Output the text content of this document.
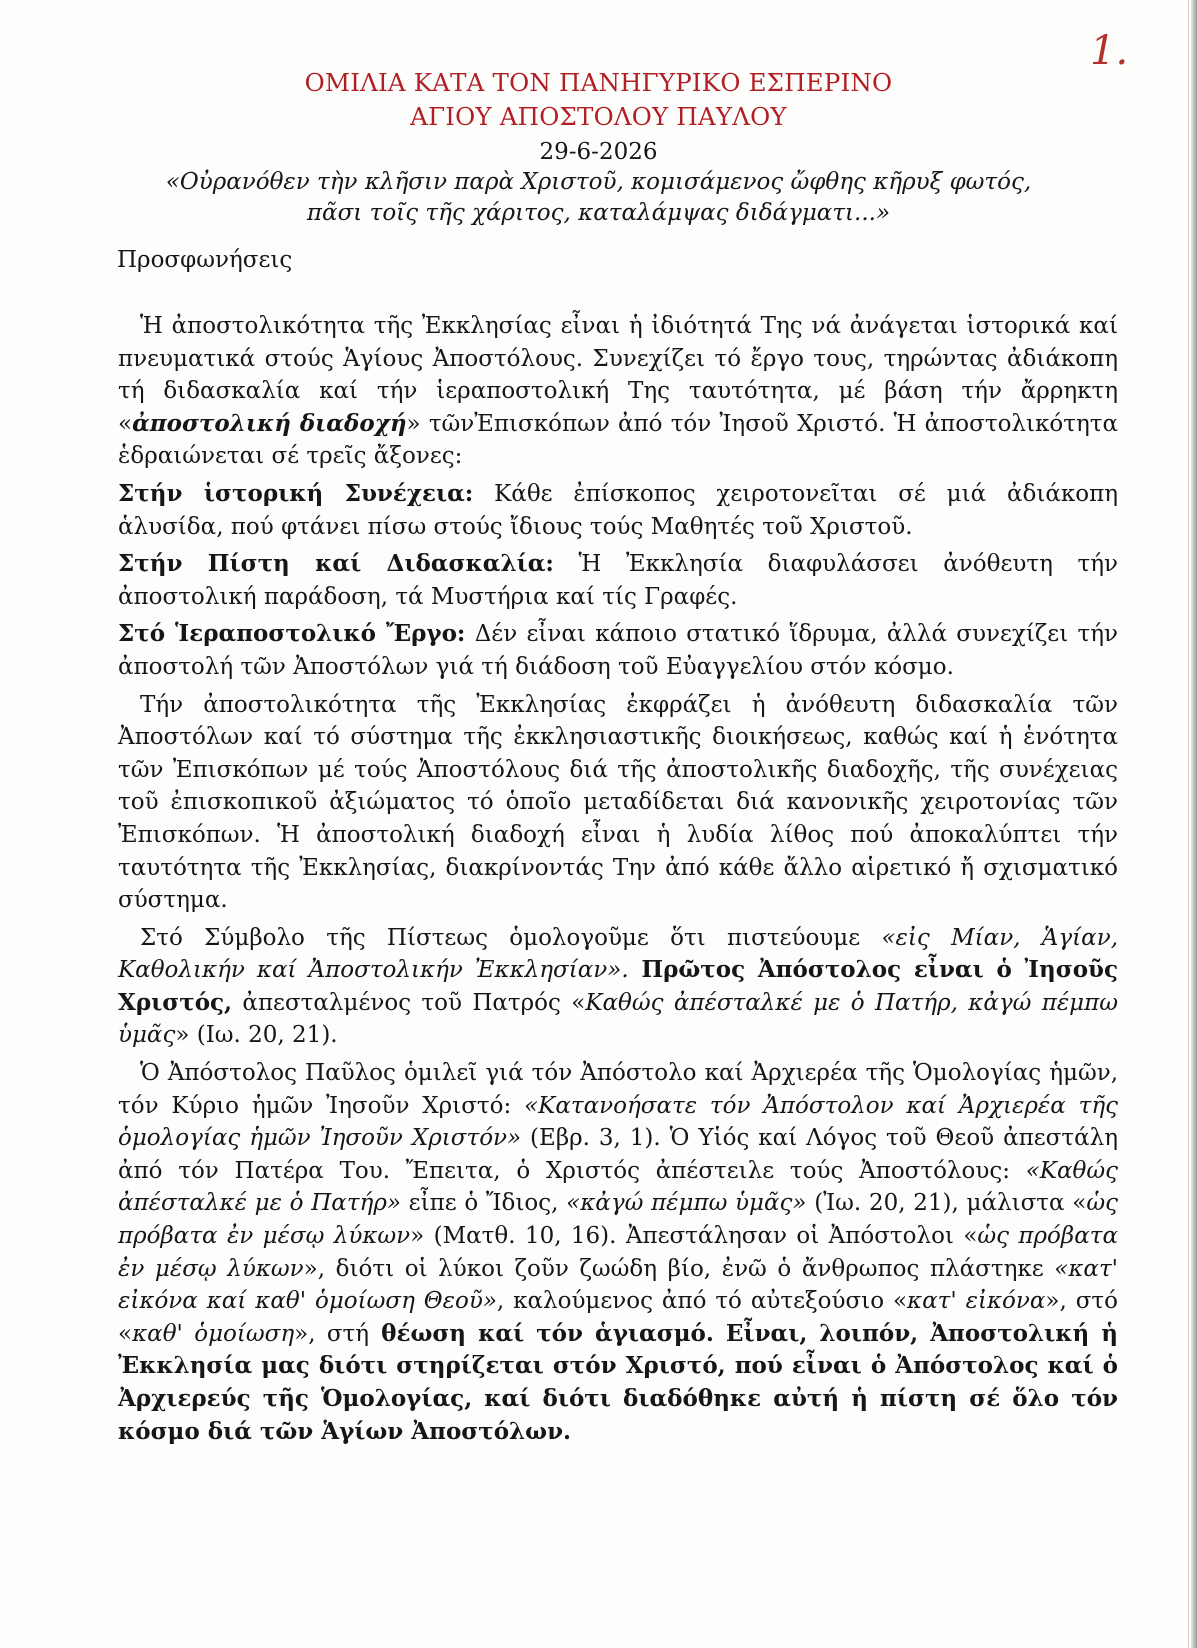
1.
ΟΜΙΛΙΑ ΚΑΤΑ ΤΟΝ ΠΑΝΗΓΥΡΙΚΟ ΕΣΠΕΡΙΝΟ
ΑΓΙΟΥ ΑΠΟΣΤΟΛΟΥ ΠΑΥΛΟΥ
29-6-2026
«Οὐρανόθεν τὴν κλῆσιν παρὰ Χριστοῦ, κομισάμενος ὤφθης κῆρυξ φωτός,
πᾶσι τοῖς τῆς χάριτος, καταλάμψας διδάγματι...»
Προσφωνήσεις

Ἡ ἀποστολικότητα τῆς Ἐκκλησίας εἶναι ἡ ἰδιότητά Της νά ἀνάγεται ἱστορικά καί πνευματικά στούς Ἁγίους Ἀποστόλους. Συνεχίζει τό ἔργο τους, τηρώντας ἀδιάκοπη τή διδασκαλία καί τήν ἱεραποστολική Της ταυτότητα, μέ βάση τήν ἄρρηκτη «ἀποστολική διαδοχή» τῶνἘπισκόπων ἀπό τόν Ἰησοῦ Χριστό. Ἡ ἀποστολικότητα ἑδραιώνεται σέ τρεῖς ἄξονες:

Στήν ἱστορική Συνέχεια: Κάθε ἐπίσκοπος χειροτονεῖται σέ μιά ἀδιάκοπη ἁλυσίδα, πού φτάνει πίσω στούς ἴδιους τούς Μαθητές τοῦ Χριστοῦ.

Στήν Πίστη καί Διδασκαλία: Ἡ Ἐκκλησία διαφυλάσσει ἀνόθευτη τήν ἀποστολική παράδοση, τά Μυστήρια καί τίς Γραφές.

Στό Ἱεραποστολικό Ἔργο: Δέν εἶναι κάποιο στατικό ἵδρυμα, ἀλλά συνεχίζει τήν ἀποστολή τῶν Ἀποστόλων γιά τή διάδοση τοῦ Εὐαγγελίου στόν κόσμο.

Τήν ἀποστολικότητα τῆς Ἐκκλησίας ἐκφράζει ἡ ἀνόθευτη διδασκαλία τῶν Ἀποστόλων καί τό σύστημα τῆς ἐκκλησιαστικῆς διοικήσεως, καθώς καί ἡ ἑνότητα τῶν Ἐπισκόπων μέ τούς Ἀποστόλους διά τῆς ἀποστολικῆς διαδοχῆς, τῆς συνέχειας τοῦ ἐπισκοπικοῦ ἀξιώματος τό ὁποῖο μεταδίδεται διά κανονικῆς χειροτονίας τῶν Ἐπισκόπων. Ἡ ἀποστολική διαδοχή εἶναι ἡ λυδία λίθος πού ἀποκαλύπτει τήν ταυτότητα τῆς Ἐκκλησίας, διακρίνοντάς Την ἀπό κάθε ἄλλο αἱρετικό ἤ σχισματικό σύστημα.

Στό Σύμβολο τῆς Πίστεως ὁμολογοῦμε ὅτι πιστεύουμε «εἰς Μίαν, Ἁγίαν, Καθολικήν καί Ἀποστολικήν Ἐκκλησίαν». Πρῶτος Ἀπόστολος εἶναι ὁ Ἰησοῦς Χριστός, ἀπεσταλμένος τοῦ Πατρός «Καθώς ἀπέσταλκέ με ὁ Πατήρ, κἀγώ πέμπω ὑμᾶς» (Ιω. 20, 21).

Ὁ Ἀπόστολος Παῦλος ὁμιλεῖ γιά τόν Ἀπόστολο καί Ἀρχιερέα τῆς Ὁμολογίας ἡμῶν, τόν Κύριο ἡμῶν Ἰησοῦν Χριστό: «Κατανοήσατε τόν Ἀπόστολον καί Ἀρχιερέα τῆς ὁμολογίας ἡμῶν Ἰησοῦν Χριστόν» (Εβρ. 3, 1). Ὁ Υἱός καί Λόγος τοῦ Θεοῦ ἀπεστάλη ἀπό τόν Πατέρα Του. Ἔπειτα, ὁ Χριστός ἀπέστειλε τούς Ἀποστόλους: «Καθώς ἀπέσταλκέ με ὁ Πατήρ» εἶπε ὁ Ἴδιος, «κἀγώ πέμπω ὑμᾶς» (Ἰω. 20, 21), μάλιστα «ὡς πρόβατα ἐν μέσῳ λύκων» (Ματθ. 10, 16). Ἀπεστάλησαν οἱ Ἀπόστολοι «ὡς πρόβατα ἐν μέσῳ λύκων», διότι οἱ λύκοι ζοῦν ζωώδη βίο, ἐνῶ ὁ ἄνθρωπος πλάστηκε «κατ' εἰκόνα καί καθ' ὁμοίωση Θεοῦ», καλούμενος ἀπό τό αὐτεξούσιο «κατ' εἰκόνα», στό «καθ' ὁμοίωση», στή θέωση καί τόν ἁγιασμό. Εἶναι, λοιπόν, Ἀποστολική ἡ Ἐκκλησία μας διότι στηρίζεται στόν Χριστό, πού εἶναι ὁ Ἀπόστολος καί ὁ Ἀρχιερεύς τῆς Ὁμολογίας, καί διότι διαδόθηκε αὐτή ἡ πίστη σέ ὅλο τόν κόσμο διά τῶν Ἁγίων Ἀποστόλων.
